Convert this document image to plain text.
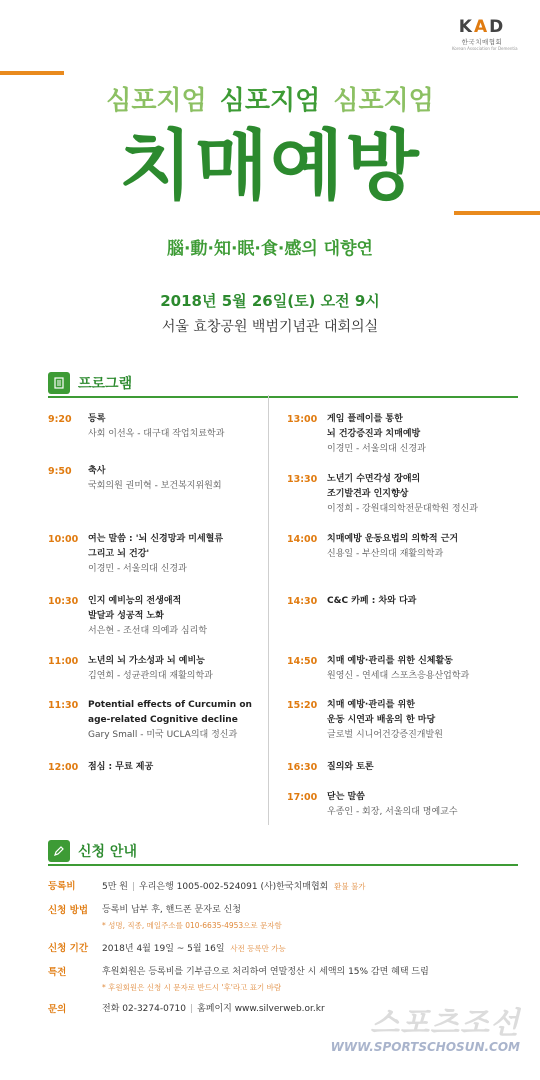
KAD
한국치매협회
Korean Association for Dementia
심포지엄 심포지엄 심포지엄
치매예방
腦·動·知·眠·食·感의 대향연
2018년 5월 26일(토) 오전 9시
서울 효창공원 백범기념관 대회의실
프로그램
9:20	등록
사회 이선옥 - 대구대 작업치료학과
9:50	축사
국회의원 권미혁 - 보건복지위원회
10:00	여는 말씀 : '뇌 신경망과 미세혈류
그리고 뇌 건강'
이경민 - 서울의대 신경과
10:30	인지 예비능의 전생애적
발달과 성공적 노화
서은현 - 조선대 의예과 심리학
11:00	노년의 뇌 가소성과 뇌 예비능
김연희 - 성균관의대 재활의학과
11:30	Potential effects of Curcumin on
age-related Cognitive decline
Gary Small - 미국 UCLA의대 정신과
12:00	점심 : 무료 제공
13:00	게임 플레이를 통한
뇌 건강증진과 치매예방
이경민 - 서울의대 신경과
13:30	노년기 수면각성 장애의
조기발견과 인지향상
이정희 - 강원대의학전문대학원 정신과
14:00	치매예방 운동요법의 의학적 근거
신용일 - 부산의대 재활의학과
14:30	C&C 카페 : 차와 다과
14:50	치매 예방·관리를 위한 신체활동
원영신 - 연세대 스포츠응용산업학과
15:20	치매 예방·관리를 위한
운동 시연과 배움의 한 마당
글로벌 시니어건강증진개발원
16:30	질의와 토론
17:00	닫는 말씀
우종인 - 회장, 서울의대 명예교수
신청 안내
등록비	5만 원 | 우리은행 1005-002-524091 (사)한국치매협회 환불 불가
신청 방법	등록비 납부 후, 핸드폰 문자로 신청
* 성명, 직종, 메일주소를 010-6635-4953으로 문자함
신청 기간	2018년 4월 19일 ~ 5월 16일 사전 등록만 가능
특전	후원회원은 등록비를 기부금으로 처리하여 연말정산 시 세액의 15% 감면 혜택 드림
* 후원회원은 신청 시 문자로 반드시 '후'라고 표기 바람
문의	전화 02-3274-0710 | 홈페이지 www.silverweb.or.kr	스포츠조선
WWW.SPORTSCHOSUN.COM
